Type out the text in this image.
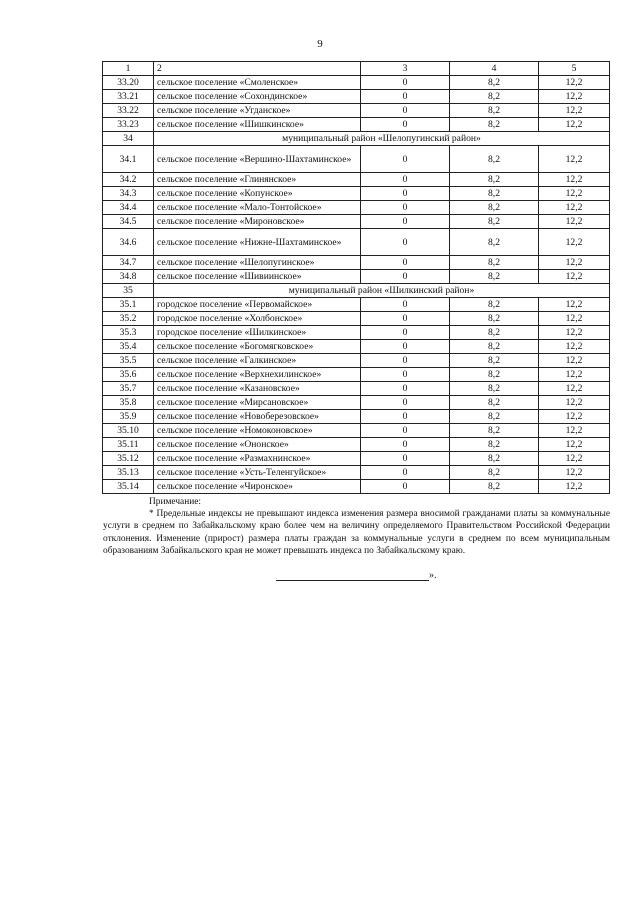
9
1	2	3	4	5
33.20	сельское поселение «Смоленское»	0	8,2	12,2
33.21	сельское поселение «Сохондинское»	0	8,2	12,2
33.22	сельское поселение «Угданское»	0	8,2	12,2
33.23	сельское поселение «Шишкинское»	0	8,2	12,2
34	муниципальный район «Шелопугинский район»			
34.1	сельское поселение «Вершино-Шахтаминское»	0	8,2	12,2
34.2	сельское поселение «Глинянское»	0	8,2	12,2
34.3	сельское поселение «Копунское»	0	8,2	12,2
34.4	сельское поселение «Мало-Тонтойское»	0	8,2	12,2
34.5	сельское поселение «Мироновское»	0	8,2	12,2
34.6	сельское поселение «Нижне-Шахтаминское»	0	8,2	12,2
34.7	сельское поселение «Шелопугинское»	0	8,2	12,2
34.8	сельское поселение «Шивиинское»	0	8,2	12,2
35	муниципальный район «Шилкинский район»			
35.1	городское поселение «Первомайское»	0	8,2	12,2
35.2	городское поселение «Холбонское»	0	8,2	12,2
35.3	городское поселение «Шилкинское»	0	8,2	12,2
35.4	сельское поселение «Богомягковское»	0	8,2	12,2
35.5	сельское поселение «Галкинское»	0	8,2	12,2
35.6	сельское поселение «Верхнехилинское»	0	8,2	12,2
35.7	сельское поселение «Казановское»	0	8,2	12,2
35.8	сельское поселение «Мирсановское»	0	8,2	12,2
35.9	сельское поселение «Новоберезовское»	0	8,2	12,2
35.10	сельское поселение «Номоконовское»	0	8,2	12,2
35.11	сельское поселение «Ононское»	0	8,2	12,2
35.12	сельское поселение «Размахнинское»	0	8,2	12,2
35.13	сельское поселение «Усть-Теленгуйское»	0	8,2	12,2
35.14	сельское поселение «Чиронское»	0	8,2	12,2
Примечание:
* Предельные индексы не превышают индекса изменения размера вносимой гражданами платы за коммунальные услуги в среднем по Забайкальскому краю более чем на величину определяемого Правительством Российской Федерации отклонения. Изменение (прирост) размера платы граждан за коммунальные услуги в среднем по всем муниципальным образованиям Забайкальского края не может превышать индекса по Забайкальскому краю.
».
